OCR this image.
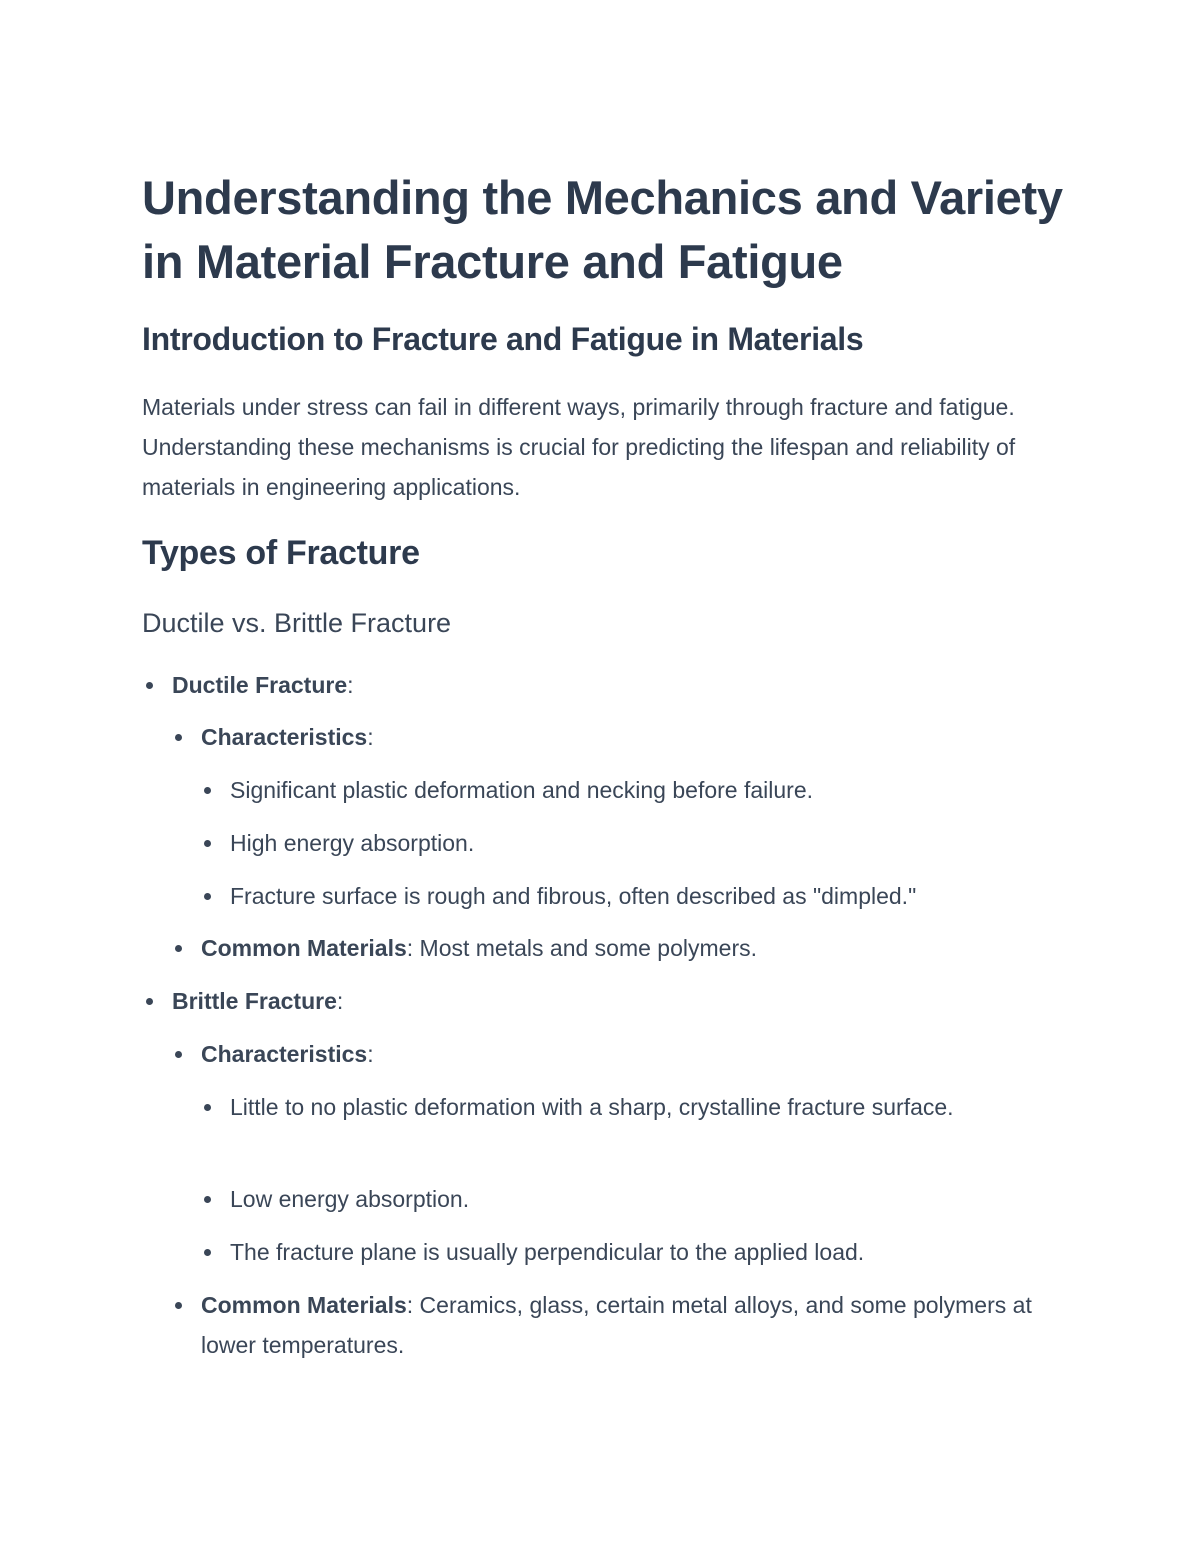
Understanding the Mechanics and Variety in Material Fracture and Fatigue
Introduction to Fracture and Fatigue in Materials

Materials under stress can fail in different ways, primarily through fracture and fatigue. Understanding these mechanisms is crucial for predicting the lifespan and reliability of materials in engineering applications.

Types of Fracture
Ductile vs. Brittle Fracture
Ductile Fracture:
Characteristics:
Significant plastic deformation and necking before failure.
High energy absorption.
Fracture surface is rough and fibrous, often described as "dimpled."
Common Materials: Most metals and some polymers.
Brittle Fracture:
Characteristics:
Little to no plastic deformation with a sharp, crystalline fracture surface.
Low energy absorption.
The fracture plane is usually perpendicular to the applied load.
Common Materials: Ceramics, glass, certain metal alloys, and some polymers at lower temperatures.
